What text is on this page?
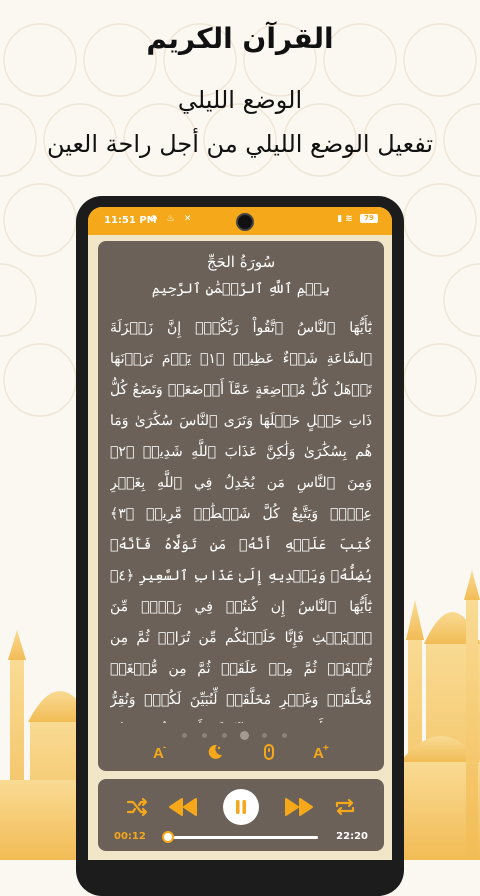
القرآن الكريم
الوضع الليلي
تفعيل الوضع الليلي من أجل راحة العين
11:51 PM
⊘ ♨ ✕	▮ ≋ 79
سُورَةُ الحَجِّ
بِسۡمِ ٱللَّهِ ٱلرَّحۡمَٰنِ ٱلرَّحِيمِ
يَٰٓأَيُّهَا ٱلنَّاسُ ٱتَّقُواْ رَبَّكُمۡۚ إِنَّ زَلۡزَلَةَ ٱلسَّاعَةِ شَيۡءٌ عَظِيمٞ ﴿١﴾ يَوۡمَ تَرَوۡنَهَا تَذۡهَلُ كُلُّ مُرۡضِعَةٍ عَمَّآ أَرۡضَعَتۡ وَتَضَعُ كُلُّ ذَاتِ حَمۡلٍ حَمۡلَهَا وَتَرَى ٱلنَّاسَ سُكَٰرَىٰ وَمَا هُم بِسُكَٰرَىٰ وَلَٰكِنَّ عَذَابَ ٱللَّهِ شَدِيدٞ ﴿٢﴾ وَمِنَ ٱلنَّاسِ مَن يُجَٰدِلُ فِي ٱللَّهِ بِغَيۡرِ عِلۡمٖ وَيَتَّبِعُ كُلَّ شَيۡطَٰنٖ مَّرِيدٖ ﴿٣﴾ كُتِبَ عَلَيۡهِ أَنَّهُۥ مَن تَوَلَّاهُ فَأَنَّهُۥ يُضِلُّهُۥ وَيَهۡدِيهِ إِلَىٰ عَذَابِ ٱلسَّعِيرِ ﴿٤﴾ يَٰٓأَيُّهَا ٱلنَّاسُ إِن كُنتُمۡ فِي رَيۡبٖ مِّنَ ٱلۡبَعۡثِ فَإِنَّا خَلَقۡنَٰكُم مِّن تُرَابٖ ثُمَّ مِن نُّطۡفَةٖ ثُمَّ مِنۡ عَلَقَةٖ ثُمَّ مِن مُّضۡغَةٖ مُّخَلَّقَةٖ وَغَيۡرِ مُخَلَّقَةٖ لِّنُبَيِّنَ لَكُمۡۚ وَنُقِرُّ
A -	A +
00:12	22:20
